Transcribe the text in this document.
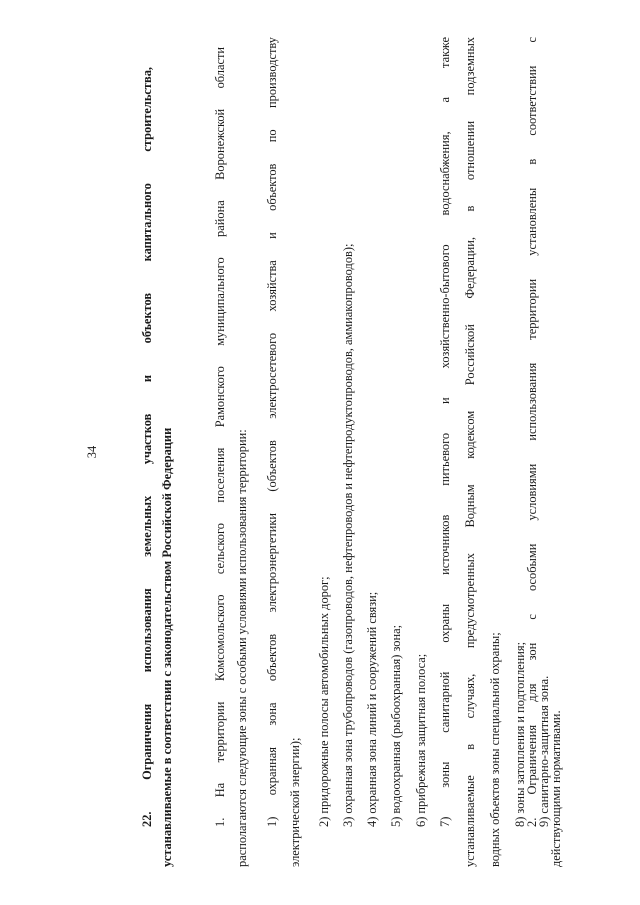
34	22. Ограничения использования земельных участков и объектов капитального строительства, устанавливаемые в соответствии с законодательством Российской Федерации	1. На территории Комсомольского сельского поселения Рамонского муниципального района Воронежской области располагаются следующие зоны с особыми условиями использования территории: 1) охранная зона объектов электроэнергетики (объектов электросетевого хозяйства и объектов по производству электрической энергии); 2) придорожные полосы автомобильных дорог; 3) охранная зона трубопроводов (газопроводов, нефтепроводов и нефтепродуктопроводов, аммиакопроводов); 4) охранная зона линий и сооружений связи; 5) водоохранная (рыбоохранная) зона; 6) прибрежная защитная полоса; 7) зоны санитарной охраны источников питьевого и хозяйственно-бытового водоснабжения, а также устанавливаемые в случаях, предусмотренных Водным кодексом Российской Федерации, в отношении подземных водных объектов зоны специальной охраны; 8) зоны затопления и подтопления; 9) санитарно-защитная зона.
2. Ограничения для зон с особыми условиями использования территории установлены в соответствии с действующими нормативами.
